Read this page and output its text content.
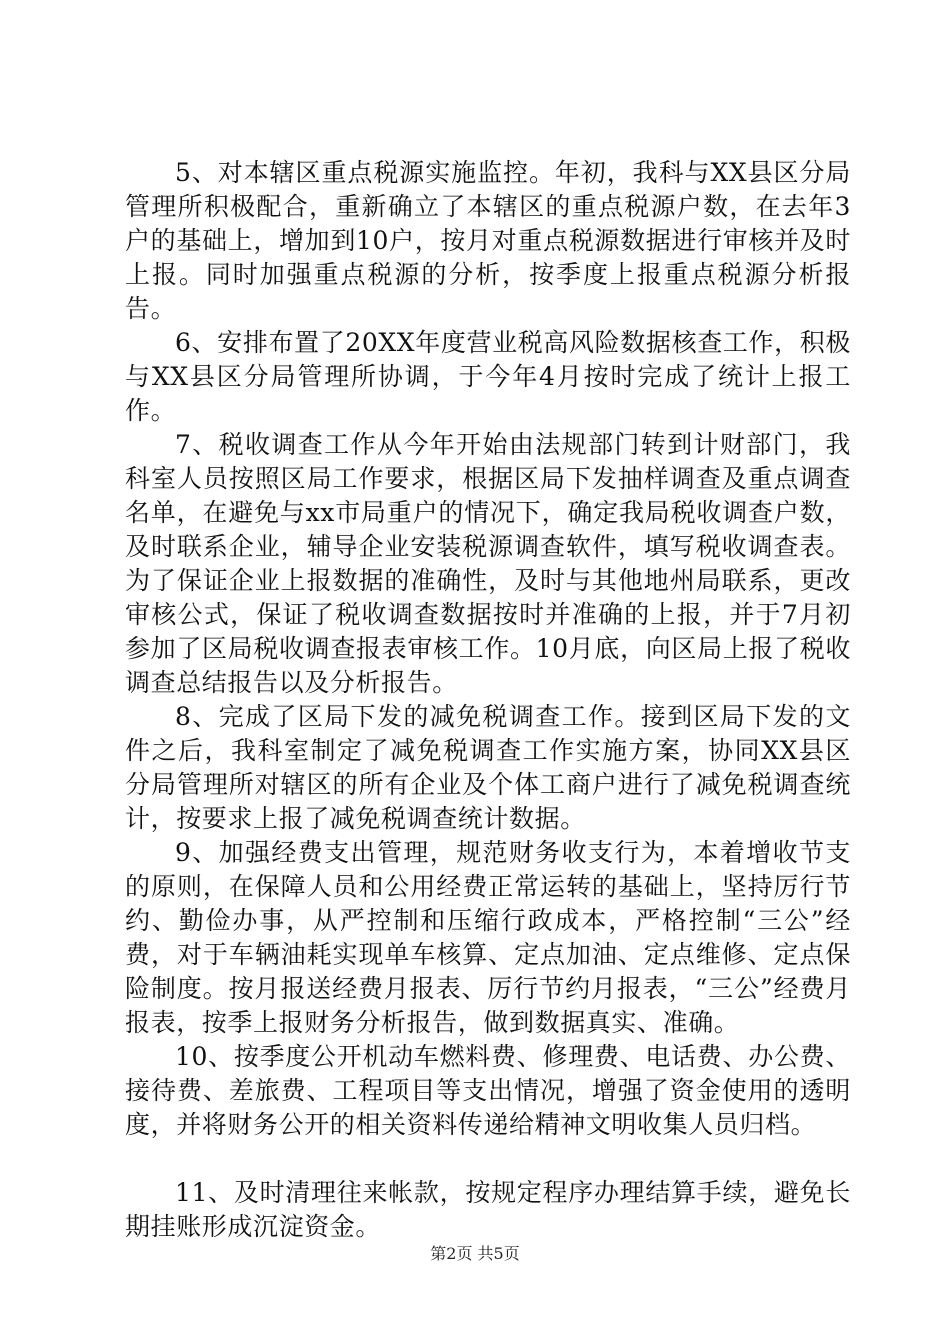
5、对本辖区重点税源实施监控。年初，我科与XX县区分局管理所积极配合，重新确立了本辖区的重点税源户数，在去年3户的基础上，增加到10户，按月对重点税源数据进行审核并及时上报。同时加强重点税源的分析，按季度上报重点税源分析报告。

6、安排布置了20XX年度营业税高风险数据核查工作，积极与XX县区分局管理所协调，于今年4月按时完成了统计上报工作。

7、税收调查工作从今年开始由法规部门转到计财部门，我科室人员按照区局工作要求，根据区局下发抽样调查及重点调查名单，在避免与xx市局重户的情况下，确定我局税收调查户数，及时联系企业，辅导企业安装税源调查软件，填写税收调查表。为了保证企业上报数据的准确性，及时与其他地州局联系，更改审核公式，保证了税收调查数据按时并准确的上报，并于7月初参加了区局税收调查报表审核工作。10月底，向区局上报了税收调查总结报告以及分析报告。

8、完成了区局下发的减免税调查工作。接到区局下发的文件之后，我科室制定了减免税调查工作实施方案，协同XX县区分局管理所对辖区的所有企业及个体工商户进行了减免税调查统计，按要求上报了减免税调查统计数据。

9、加强经费支出管理，规范财务收支行为，本着增收节支的原则，在保障人员和公用经费正常运转的基础上，坚持厉行节约、勤俭办事，从严控制和压缩行政成本，严格控制“三公”经费，对于车辆油耗实现单车核算、定点加油、定点维修、定点保险制度。按月报送经费月报表、厉行节约月报表，“三公”经费月报表，按季上报财务分析报告，做到数据真实、准确。

10、按季度公开机动车燃料费、修理费、电话费、办公费、接待费、差旅费、工程项目等支出情况，增强了资金使用的透明度，并将财务公开的相关资料传递给精神文明收集人员归档。

11、及时清理往来帐款，按规定程序办理结算手续，避免长期挂账形成沉淀资金。

第2页 共5页
